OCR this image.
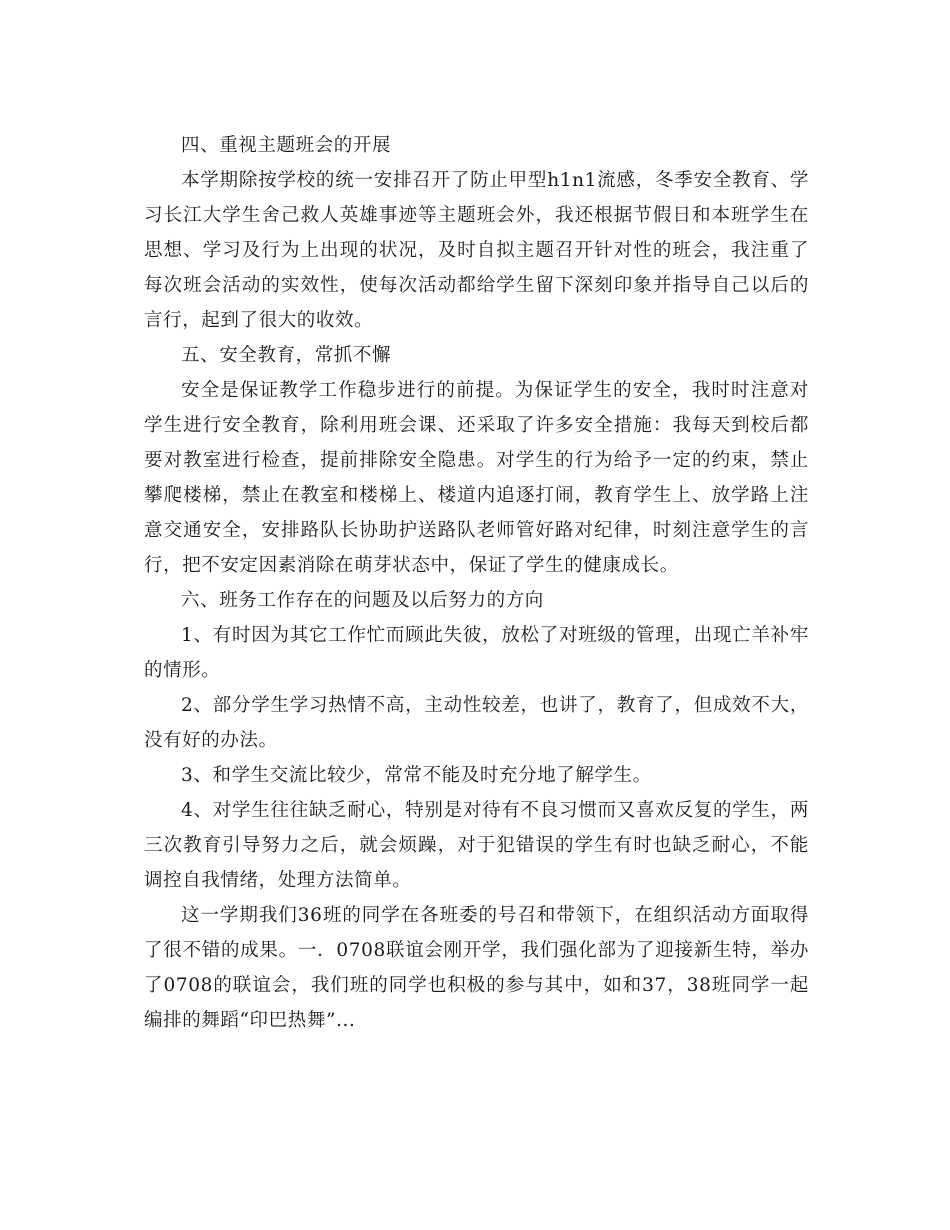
四、重视主题班会的开展

本学期除按学校的统一安排召开了防止甲型h1n1流感，冬季安全教育、学习长江大学生舍己救人英雄事迹等主题班会外，我还根据节假日和本班学生在思想、学习及行为上出现的状况，及时自拟主题召开针对性的班会，我注重了每次班会活动的实效性，使每次活动都给学生留下深刻印象并指导自己以后的言行，起到了很大的收效。

五、安全教育，常抓不懈

安全是保证教学工作稳步进行的前提。为保证学生的安全，我时时注意对学生进行安全教育，除利用班会课、还采取了许多安全措施：我每天到校后都要对教室进行检查，提前排除安全隐患。对学生的行为给予一定的约束，禁止攀爬楼梯，禁止在教室和楼梯上、楼道内追逐打闹，教育学生上、放学路上注意交通安全，安排路队长协助护送路队老师管好路对纪律，时刻注意学生的言行，把不安定因素消除在萌芽状态中，保证了学生的健康成长。

六、班务工作存在的问题及以后努力的方向

1、有时因为其它工作忙而顾此失彼，放松了对班级的管理，出现亡羊补牢的情形。

2、部分学生学习热情不高，主动性较差，也讲了，教育了，但成效不大，没有好的办法。

3、和学生交流比较少，常常不能及时充分地了解学生。

4、对学生往往缺乏耐心，特别是对待有不良习惯而又喜欢反复的学生，两三次教育引导努力之后，就会烦躁，对于犯错误的学生有时也缺乏耐心，不能调控自我情绪，处理方法简单。

这一学期我们36班的同学在各班委的号召和带领下，在组织活动方面取得了很不错的成果。一．0708联谊会刚开学，我们强化部为了迎接新生特，举办了0708的联谊会，我们班的同学也积极的参与其中，如和37，38班同学一起编排的舞蹈“印巴热舞”...
